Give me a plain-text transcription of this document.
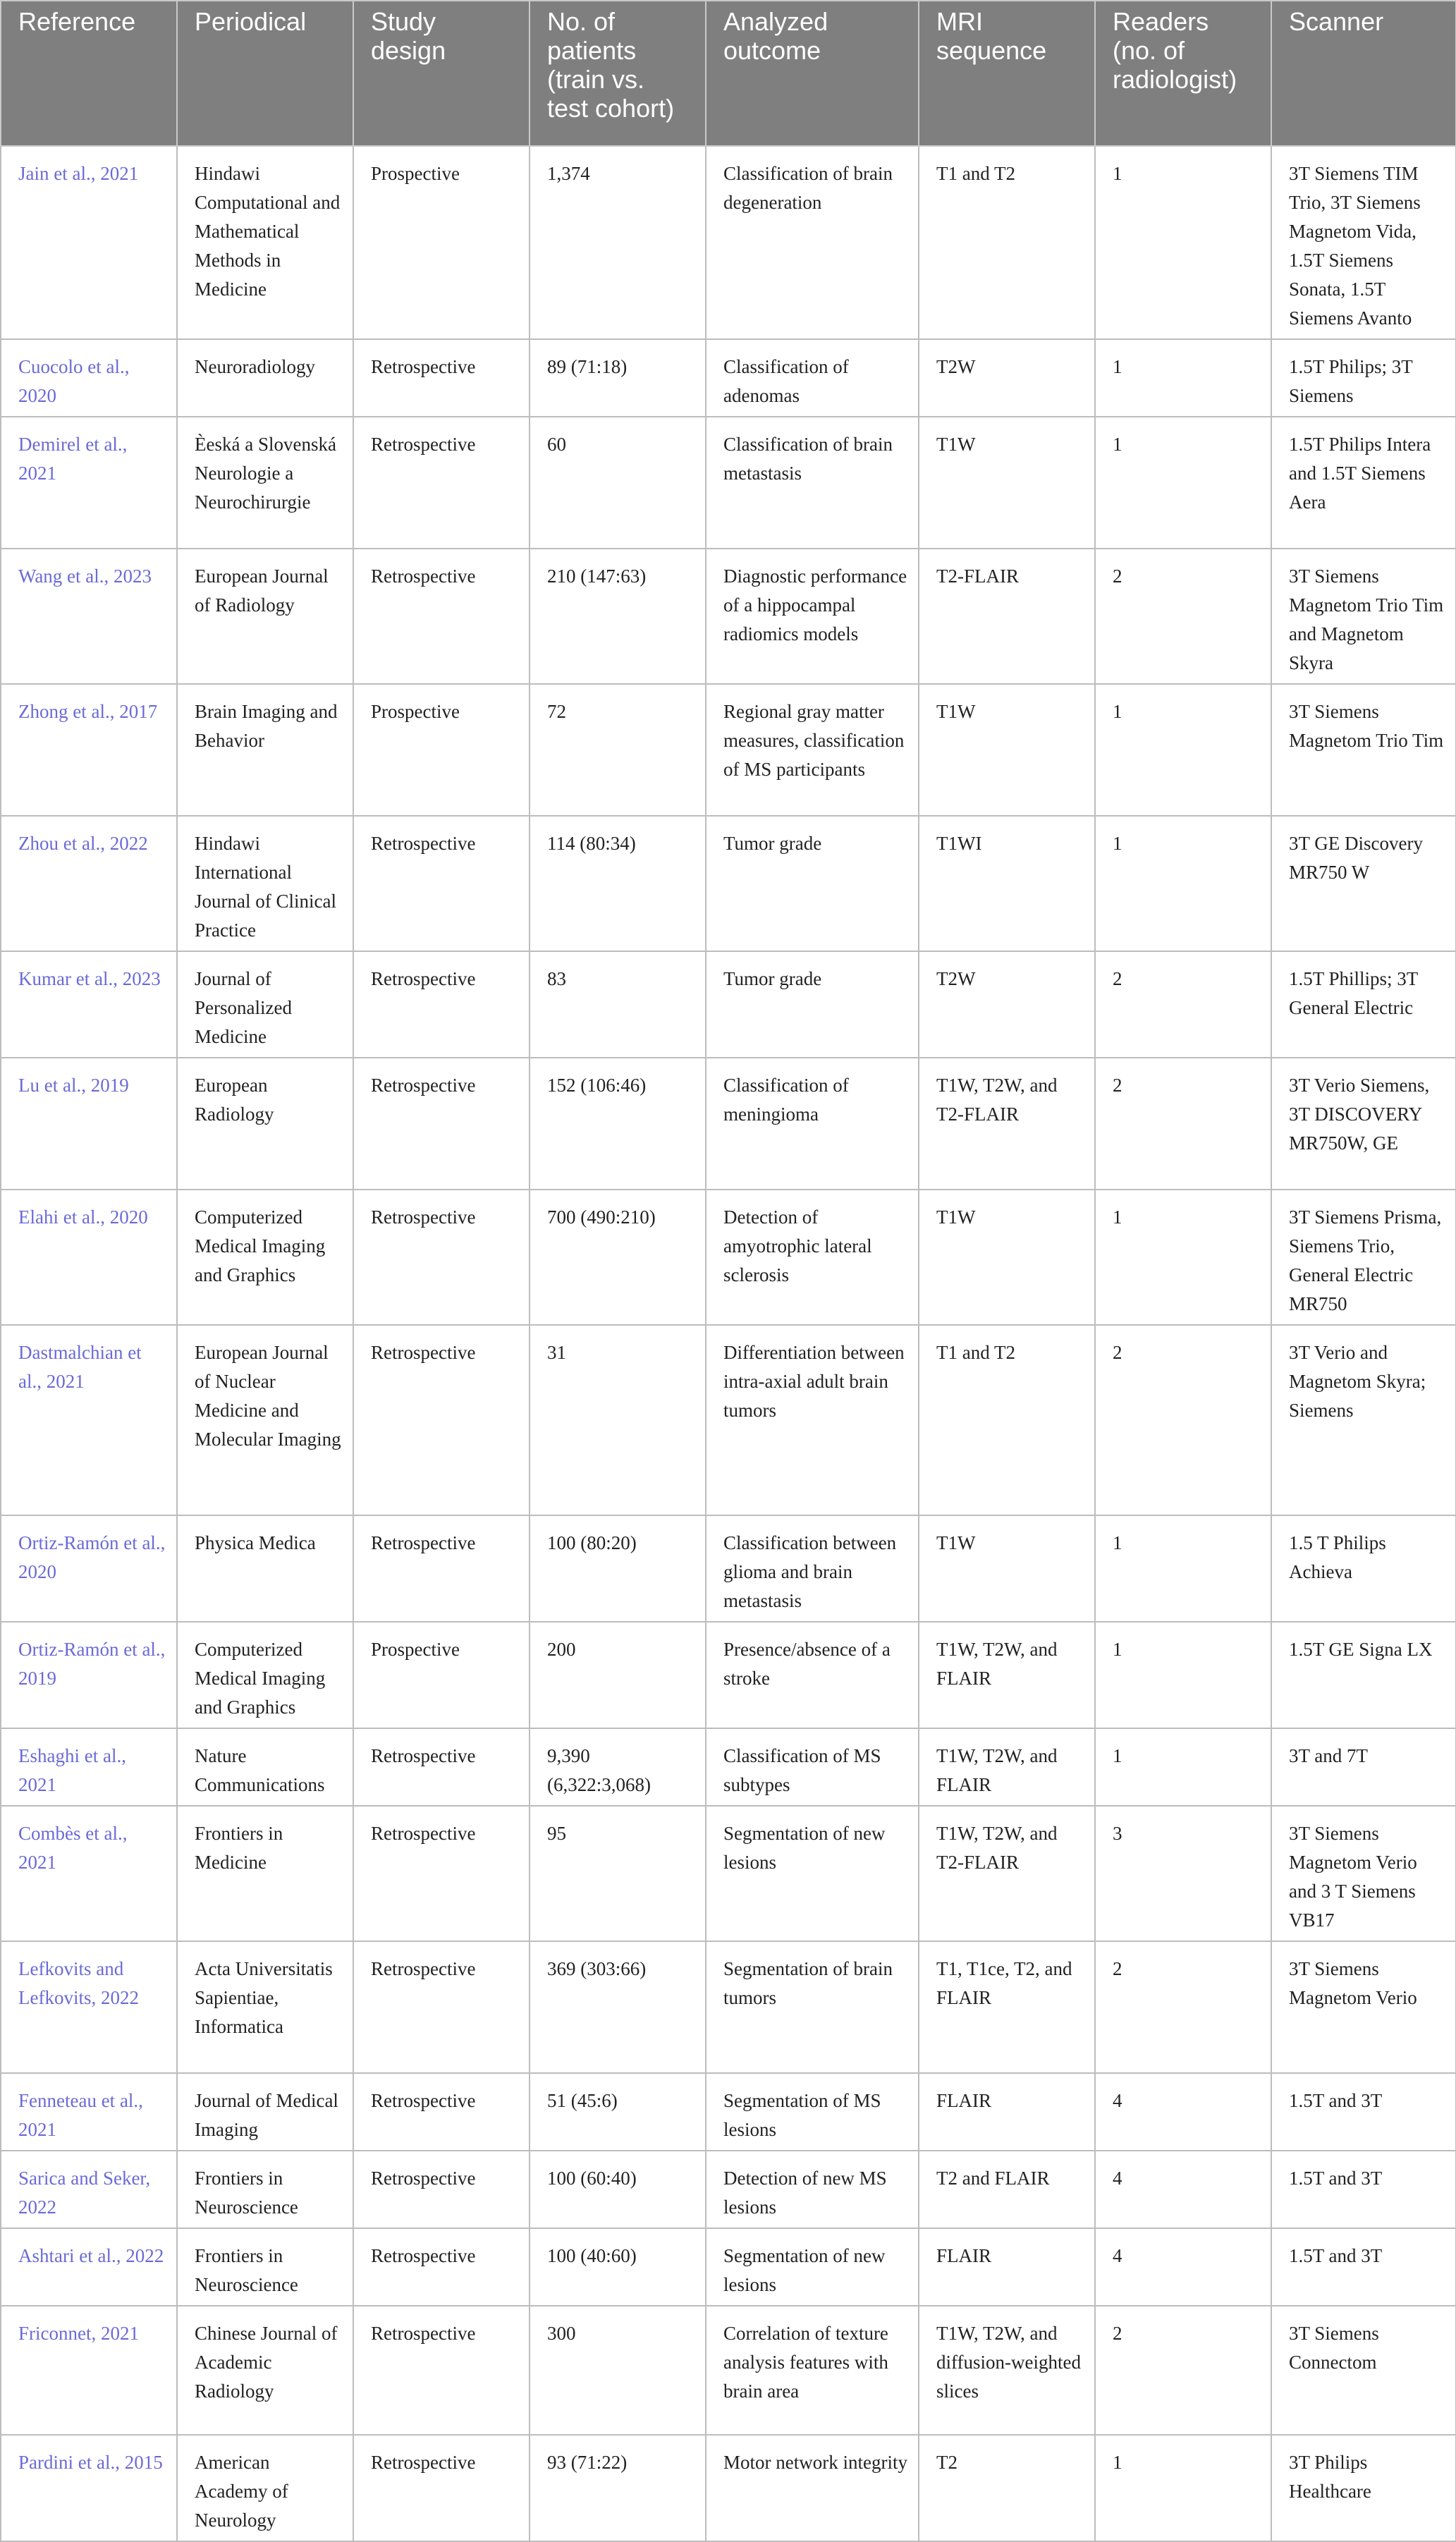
Reference	Periodical	Study design	No. of patients (train vs. test cohort)	Analyzed outcome	MRI sequence	Readers (no. of radiologist)	Scanner
Jain et al., 2021	Hindawi Computational and Mathematical Methods in Medicine	Prospective	1,374	Classification of brain degeneration	T1 and T2	1	3T Siemens TIM Trio, 3T Siemens Magnetom Vida, 1.5T Siemens Sonata, 1.5T Siemens Avanto
Cuocolo et al., 2020	Neuroradiology	Retrospective	89 (71:18)	Classification of adenomas	T2W	1	1.5T Philips; 3T Siemens
Demirel et al., 2021	Èeská a Slovenská Neurologie a Neurochirurgie	Retrospective	60	Classification of brain metastasis	T1W	1	1.5T Philips Intera and 1.5T Siemens Aera
Wang et al., 2023	European Journal of Radiology	Retrospective	210 (147:63)	Diagnostic performance of a hippocampal radiomics models	T2-FLAIR	2	3T Siemens Magnetom Trio Tim and Magnetom Skyra
Zhong et al., 2017	Brain Imaging and Behavior	Prospective	72	Regional gray matter measures, classification of MS participants	T1W	1	3T Siemens Magnetom Trio Tim
Zhou et al., 2022	Hindawi International Journal of Clinical Practice	Retrospective	114 (80:34)	Tumor grade	T1WI	1	3T GE Discovery MR750 W
Kumar et al., 2023	Journal of Personalized Medicine	Retrospective	83	Tumor grade	T2W	2	1.5T Phillips; 3T General Electric
Lu et al., 2019	European Radiology	Retrospective	152 (106:46)	Classification of meningioma	T1W, T2W, and T2-FLAIR	2	3T Verio Siemens, 3T DISCOVERY MR750W, GE
Elahi et al., 2020	Computerized Medical Imaging and Graphics	Retrospective	700 (490:210)	Detection of amyotrophic lateral sclerosis	T1W	1	3T Siemens Prisma, Siemens Trio, General Electric MR750
Dastmalchian et al., 2021	European Journal of Nuclear Medicine and Molecular Imaging	Retrospective	31	Differentiation between intra-axial adult brain tumors	T1 and T2	2	3T Verio and Magnetom Skyra; Siemens
Ortiz-Ramón et al., 2020	Physica Medica	Retrospective	100 (80:20)	Classification between glioma and brain metastasis	T1W	1	1.5 T Philips Achieva
Ortiz-Ramón et al., 2019	Computerized Medical Imaging and Graphics	Prospective	200	Presence/absence of a stroke	T1W, T2W, and FLAIR	1	1.5T GE Signa LX
Eshaghi et al., 2021	Nature Communications	Retrospective	9,390 (6,322:3,068)	Classification of MS subtypes	T1W, T2W, and FLAIR	1	3T and 7T
Combès et al., 2021	Frontiers in Medicine	Retrospective	95	Segmentation of new lesions	T1W, T2W, and T2-FLAIR	3	3T Siemens Magnetom Verio and 3 T Siemens VB17
Lefkovits and Lefkovits, 2022	Acta Universitatis Sapientiae, Informatica	Retrospective	369 (303:66)	Segmentation of brain tumors	T1, T1ce, T2, and FLAIR	2	3T Siemens Magnetom Verio
Fenneteau et al., 2021	Journal of Medical Imaging	Retrospective	51 (45:6)	Segmentation of MS lesions	FLAIR	4	1.5T and 3T
Sarica and Seker, 2022	Frontiers in Neuroscience	Retrospective	100 (60:40)	Detection of new MS lesions	T2 and FLAIR	4	1.5T and 3T
Ashtari et al., 2022	Frontiers in Neuroscience	Retrospective	100 (40:60)	Segmentation of new lesions	FLAIR	4	1.5T and 3T
Friconnet, 2021	Chinese Journal of Academic Radiology	Retrospective	300	Correlation of texture analysis features with brain area	T1W, T2W, and diffusion-weighted slices	2	3T Siemens Connectom
Pardini et al., 2015	American Academy of Neurology	Retrospective	93 (71:22)	Motor network integrity	T2	1	3T Philips Healthcare
